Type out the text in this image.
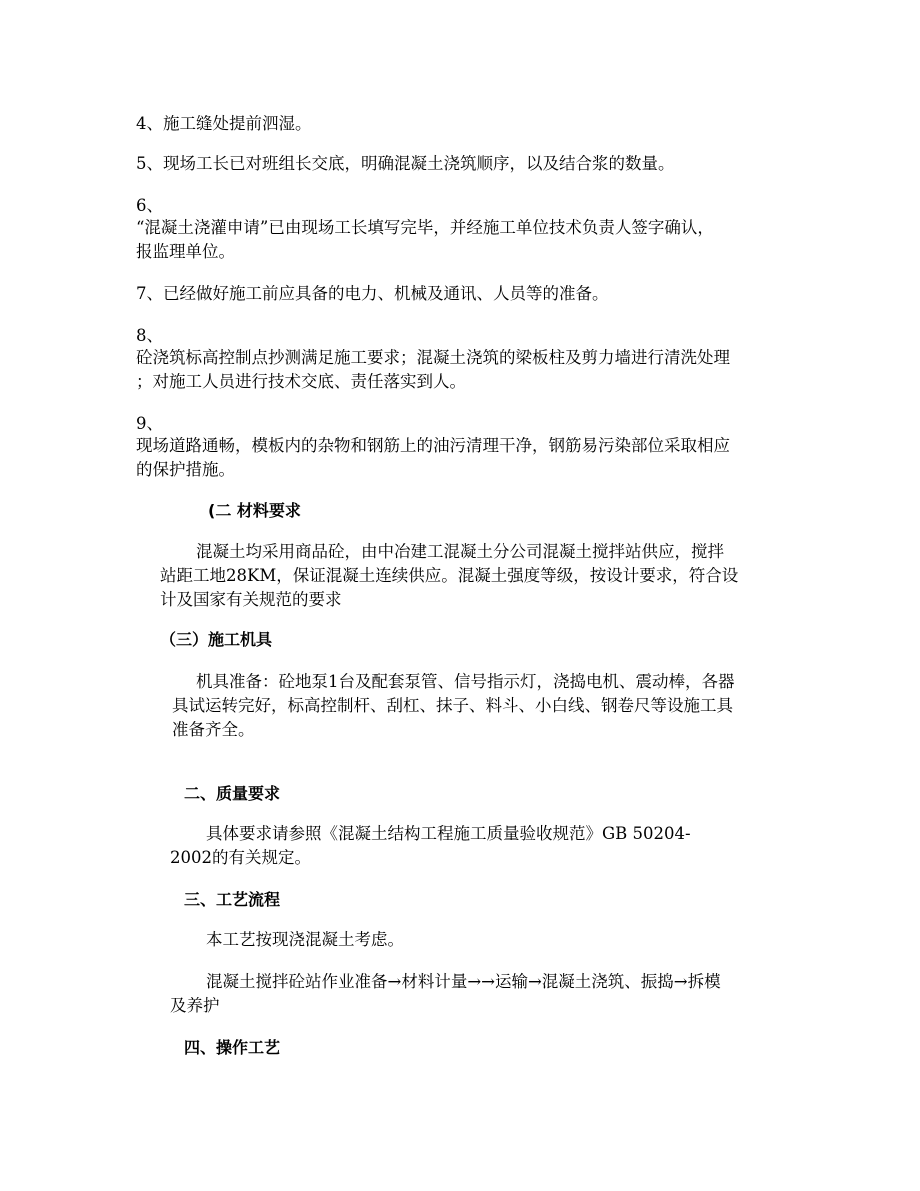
4、施工缝处提前泗湿。
5、现场工长已对班组长交底，明确混凝土浇筑顺序，以及结合浆的数量。
6、
“混凝土浇灌申请”已由现场工长填写完毕，并经施工单位技术负责人签字确认，
报监理单位。
7、已经做好施工前应具备的电力、机械及通讯、人员等的准备。
8、
砼浇筑标高控制点抄测满足施工要求；混凝土浇筑的梁板柱及剪力墙进行清洗处理
；对施工人员进行技术交底、责任落实到人。
9、
现场道路通畅，模板内的杂物和钢筋上的油污清理干净，钢筋易污染部位采取相应
的保护措施。
(二 材料要求
混凝土均采用商品砼，由中冶建工混凝土分公司混凝土搅拌站供应，搅拌
站距工地28KM，保证混凝土连续供应。混凝土强度等级，按设计要求，符合设
计及国家有关规范的要求
（三）施工机具
机具准备：砼地泵1台及配套泵管、信号指示灯，浇捣电机、震动棒，各器
具试运转完好，标高控制杆、刮杠、抹子、料斗、小白线、钢卷尺等设施工具
准备齐全。
二、质量要求
具体要求请参照《混凝土结构工程施工质量验收规范》GB 50204-
2002的有关规定。
三、工艺流程
本工艺按现浇混凝土考虑。
混凝土搅拌砼站作业准备→材料计量→→运输→混凝土浇筑、振捣→拆模
及养护
四、操作工艺
